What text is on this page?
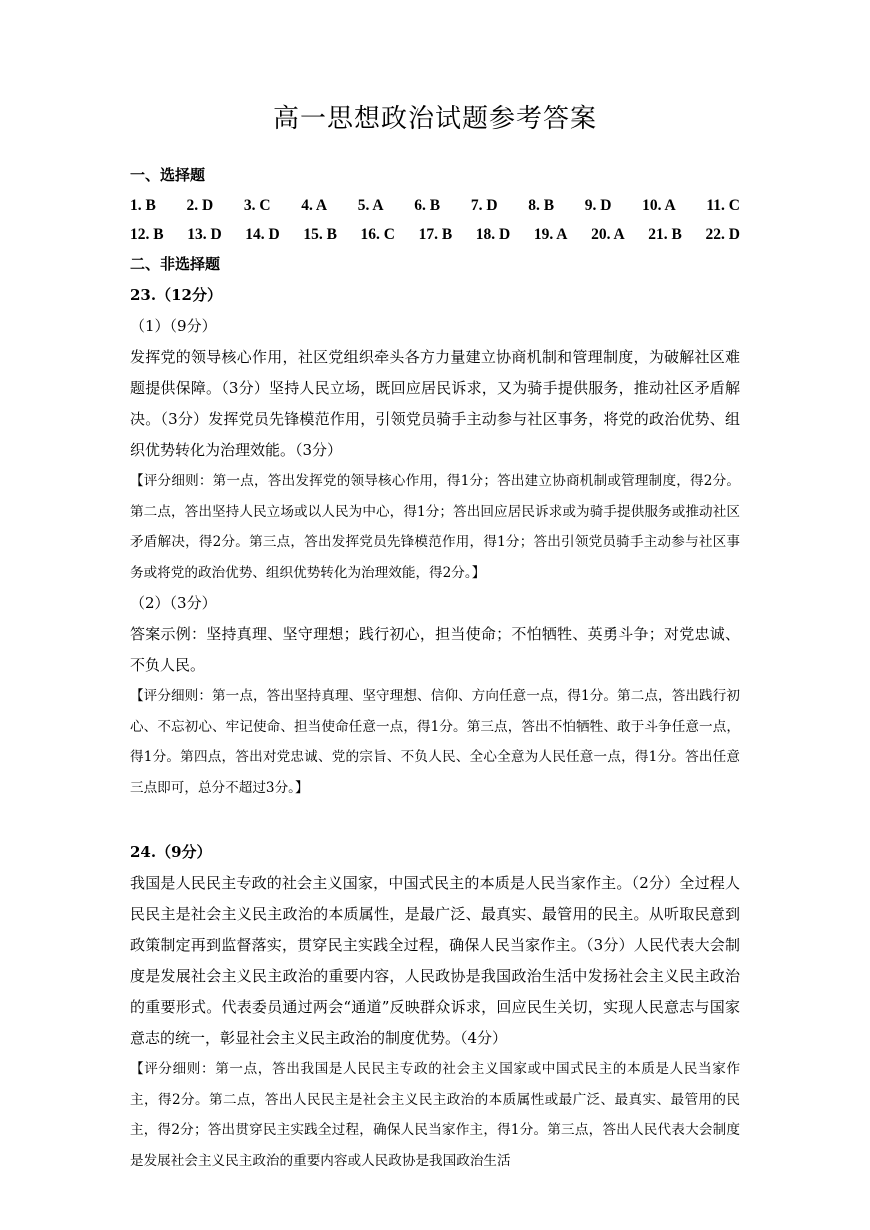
高一思想政治试题参考答案
一、选择题
1. B 2. D 3. C 4. A 5. A 6. B 7. D 8. B 9. D 10. A 11. C
12. B 13. D 14. D 15. B 16. C 17. B 18. D 19. A 20. A 21. B 22. D
二、非选择题
23.（12分）
（1）（9分）
发挥党的领导核心作用，社区党组织牵头各方力量建立协商机制和管理制度，为破解社区难题提供保障。（3分）坚持人民立场，既回应居民诉求，又为骑手提供服务，推动社区矛盾解决。（3分）发挥党员先锋模范作用，引领党员骑手主动参与社区事务，将党的政治优势、组织优势转化为治理效能。（3分）
【评分细则：第一点，答出发挥党的领导核心作用，得1分；答出建立协商机制或管理制度，得2分。第二点，答出坚持人民立场或以人民为中心，得1分；答出回应居民诉求或为骑手提供服务或推动社区矛盾解决，得2分。第三点，答出发挥党员先锋模范作用，得1分；答出引领党员骑手主动参与社区事务或将党的政治优势、组织优势转化为治理效能，得2分。】
（2）（3分）
答案示例：坚持真理、坚守理想；践行初心，担当使命；不怕牺牲、英勇斗争；对党忠诚、不负人民。
【评分细则：第一点，答出坚持真理、坚守理想、信仰、方向任意一点，得1分。第二点，答出践行初心、不忘初心、牢记使命、担当使命任意一点，得1分。第三点，答出不怕牺牲、敢于斗争任意一点，得1分。第四点，答出对党忠诚、党的宗旨、不负人民、全心全意为人民任意一点，得1分。答出任意三点即可，总分不超过3分。】
24.（9分）
我国是人民民主专政的社会主义国家，中国式民主的本质是人民当家作主。（2分）全过程人民民主是社会主义民主政治的本质属性，是最广泛、最真实、最管用的民主。从听取民意到政策制定再到监督落实，贯穿民主实践全过程，确保人民当家作主。（3分）人民代表大会制度是发展社会主义民主政治的重要内容，人民政协是我国政治生活中发扬社会主义民主政治的重要形式。代表委员通过两会“通道”反映群众诉求，回应民生关切，实现人民意志与国家意志的统一，彰显社会主义民主政治的制度优势。（4分）
【评分细则：第一点，答出我国是人民民主专政的社会主义国家或中国式民主的本质是人民当家作主，得2分。第二点，答出人民民主是社会主义民主政治的本质属性或最广泛、最真实、最管用的民主，得2分；答出贯穿民主实践全过程，确保人民当家作主，得1分。第三点，答出人民代表大会制度是发展社会主义民主政治的重要内容或人民政协是我国政治生活
